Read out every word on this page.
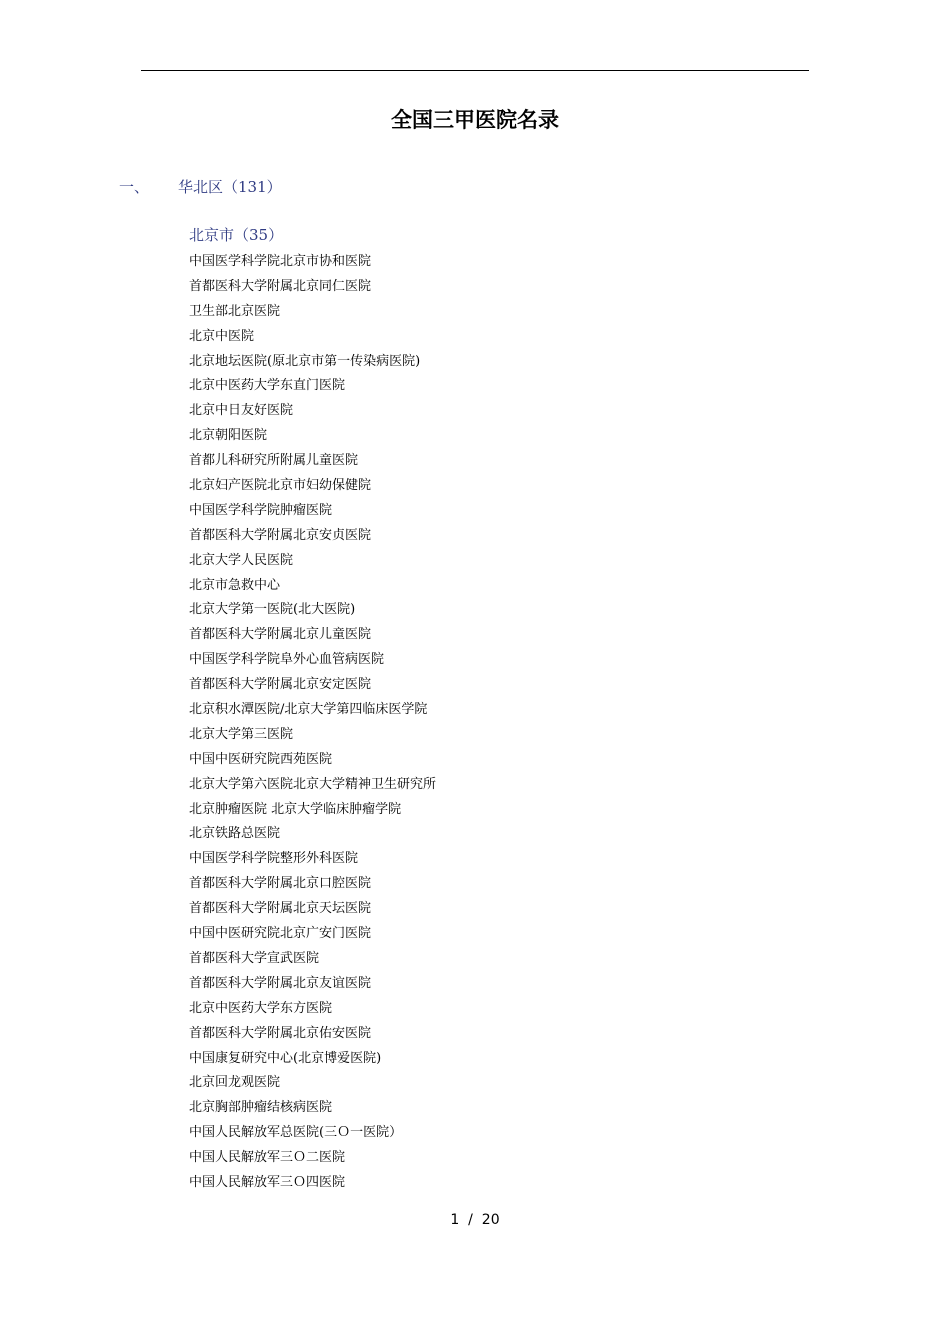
全国三甲医院名录
一、 华北区（131）
北京市（35）
中国医学科学院北京市协和医院
首都医科大学附属北京同仁医院
卫生部北京医院
北京中医院
北京地坛医院(原北京市第一传染病医院)
北京中医药大学东直门医院
北京中日友好医院
北京朝阳医院
首都儿科研究所附属儿童医院
北京妇产医院北京市妇幼保健院
中国医学科学院肿瘤医院
首都医科大学附属北京安贞医院
北京大学人民医院
北京市急救中心
北京大学第一医院(北大医院)
首都医科大学附属北京儿童医院
中国医学科学院阜外心血管病医院
首都医科大学附属北京安定医院
北京积水潭医院/北京大学第四临床医学院
北京大学第三医院
中国中医研究院西苑医院
北京大学第六医院北京大学精神卫生研究所
北京肿瘤医院 北京大学临床肿瘤学院
北京铁路总医院
中国医学科学院整形外科医院
首都医科大学附属北京口腔医院
首都医科大学附属北京天坛医院
中国中医研究院北京广安门医院
首都医科大学宣武医院
首都医科大学附属北京友谊医院
北京中医药大学东方医院
首都医科大学附属北京佑安医院
中国康复研究中心(北京博爱医院)
北京回龙观医院
北京胸部肿瘤结核病医院
中国人民解放军总医院(三Ｏ一医院）
中国人民解放军三Ｏ二医院
中国人民解放军三Ｏ四医院
1  /  20
